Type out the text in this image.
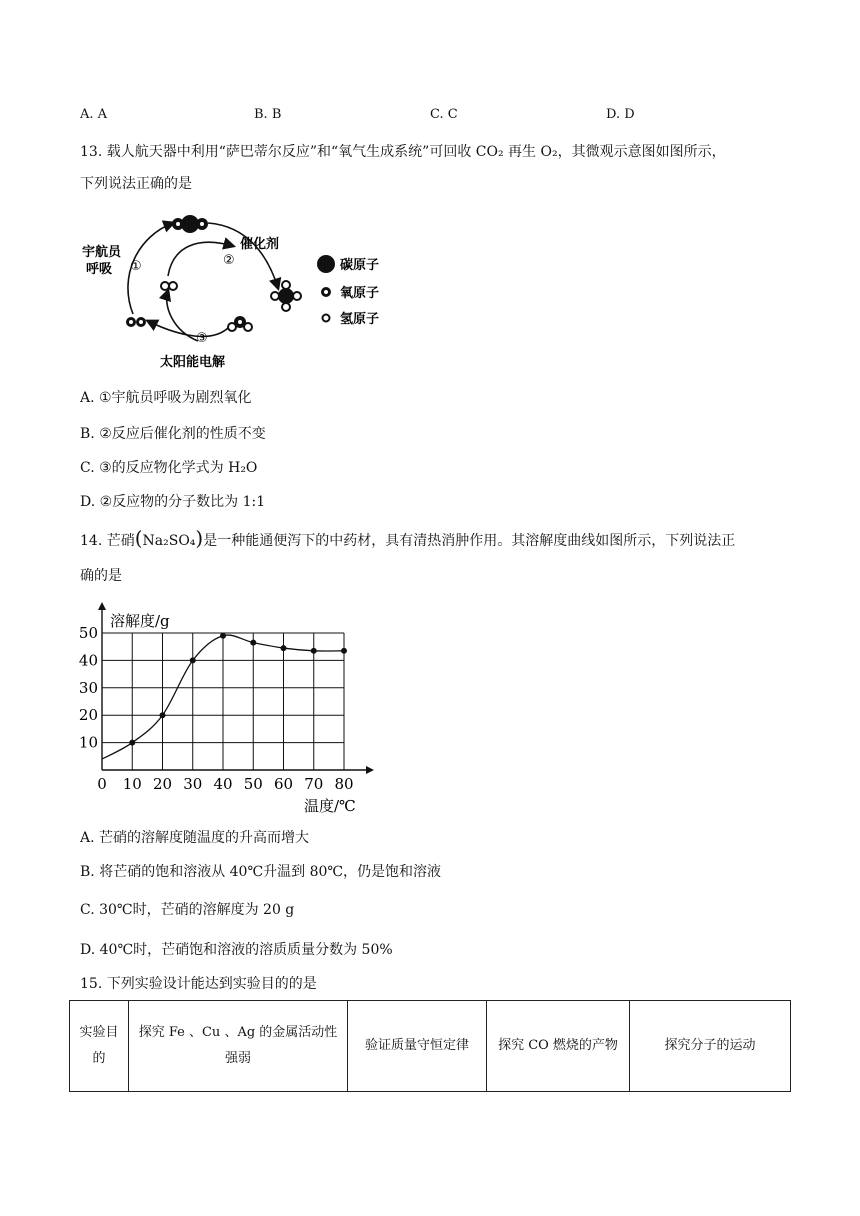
A. A	B. B	C. C	D. D
13. 载人航天器中利用“萨巴蒂尔反应”和“氧气生成系统”可回收 CO₂ 再生 O₂，其微观示意图如图所示，
下列说法正确的是
宇航员
呼吸 ①
催化剂
②
③
太阳能电解
碳原子
氧原子
氢原子
A. ①宇航员呼吸为剧烈氧化
B. ②反应后催化剂的性质不变
C. ③的反应物化学式为 H₂O
D. ②反应物的分子数比为 1:1
14. 芒硝(Na₂SO₄)是一种能通便泻下的中药材，具有清热消肿作用。其溶解度曲线如图所示，下列说法正
确的是
0 10 20 30 40 50 60 70 80
10
20
30
40
50
溶解度/g
温度/℃
A. 芒硝的溶解度随温度的升高而增大
B. 将芒硝的饱和溶液从 40℃升温到 80℃，仍是饱和溶液
C. 30℃时，芒硝的溶解度为 20 g
D. 40℃时，芒硝饱和溶液的溶质质量分数为 50%
15. 下列实验设计能达到实验目的的是
实验目的	探究 Fe 、Cu 、Ag 的金属活动性强弱	验证质量守恒定律	探究 CO 燃烧的产物	探究分子的运动
